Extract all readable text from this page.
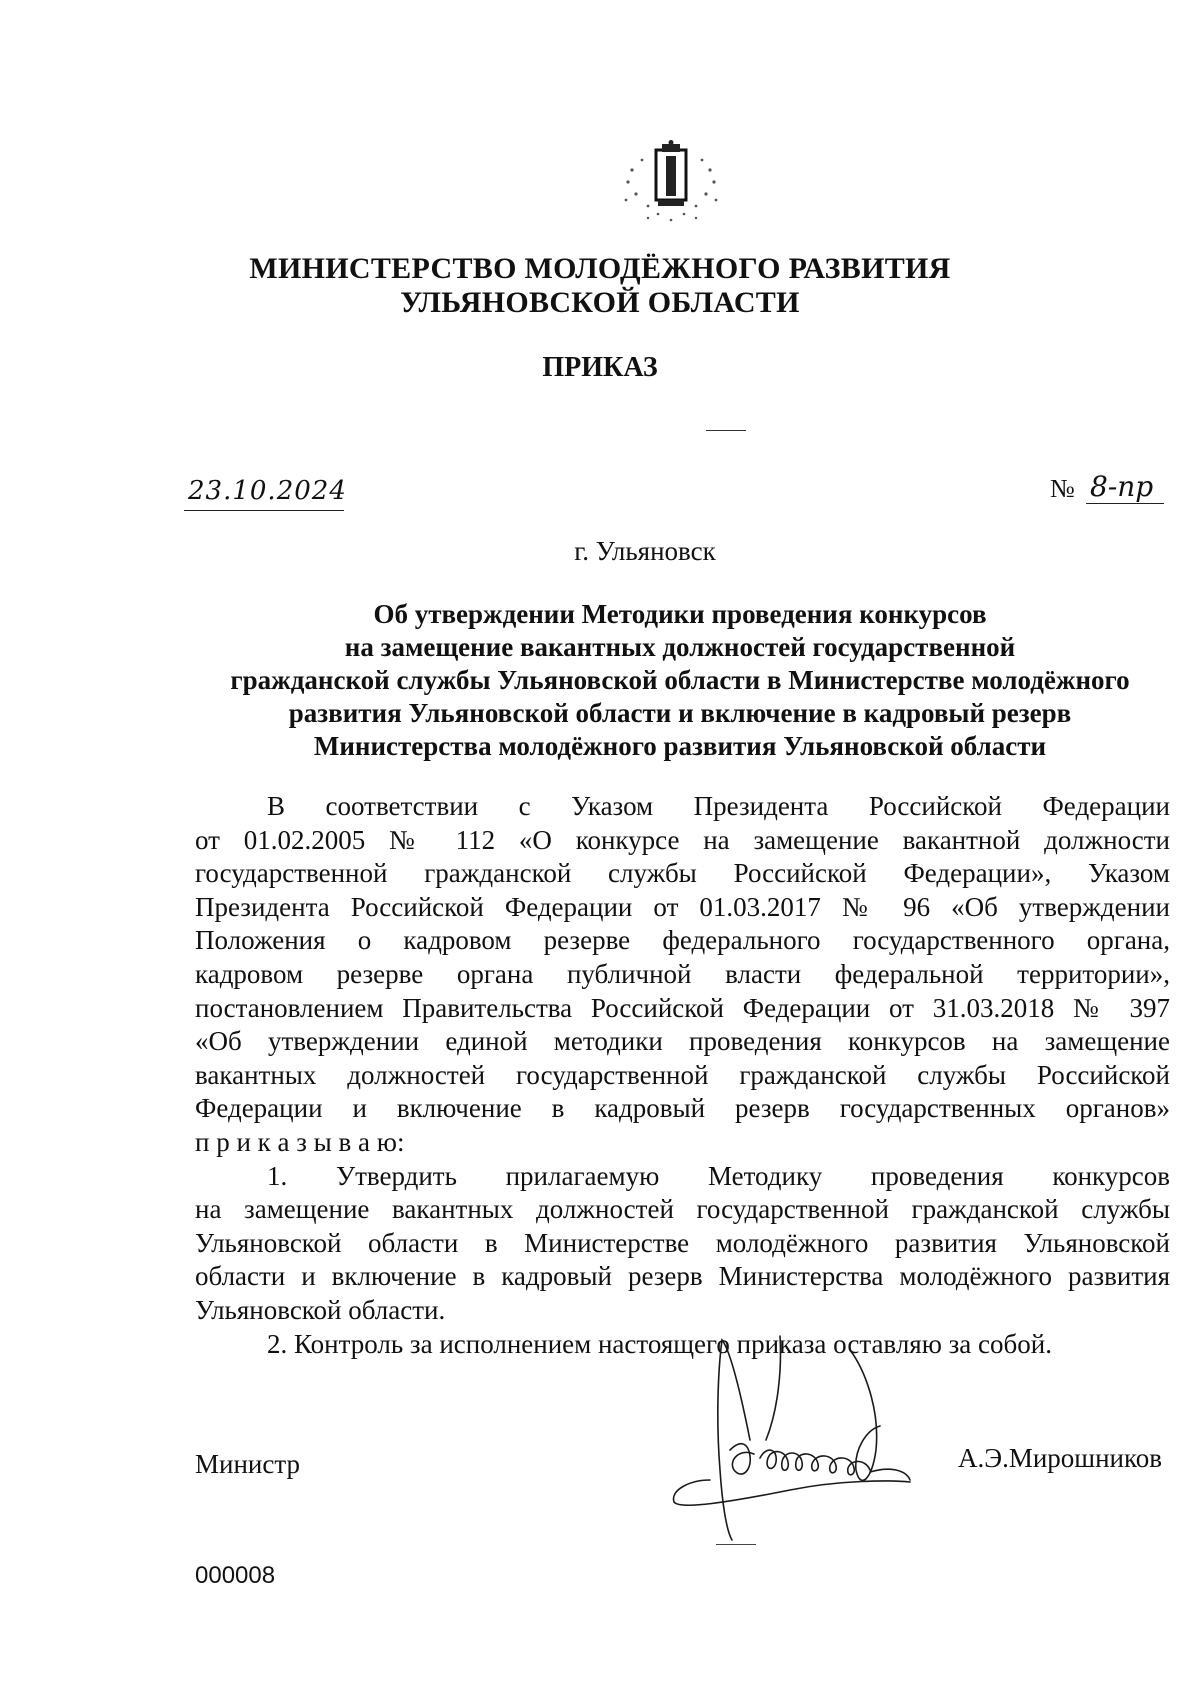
МИНИСТЕРСТВО МОЛОДЁЖНОГО РАЗВИТИЯ
УЛЬЯНОВСКОЙ ОБЛАСТИ
ПРИКАЗ
23.10.2024	№ 8-пр
г. Ульяновск
Об утверждении Методики проведения конкурсов
на замещение вакантных должностей государственной
гражданской службы Ульяновской области в Министерстве молодёжного
развития Ульяновской области и включение в кадровый резерв
Министерства молодёжного развития Ульяновской области
В соответствии с Указом Президента Российской Федерации
от 01.02.2005 № 112 «О конкурсе на замещение вакантной должности
государственной гражданской службы Российской Федерации», Указом
Президента Российской Федерации от 01.03.2017 № 96 «Об утверждении
Положения о кадровом резерве федерального государственного органа,
кадровом резерве органа публичной власти федеральной территории»,
постановлением Правительства Российской Федерации от 31.03.2018 № 397
«Об утверждении единой методики проведения конкурсов на замещение
вакантных должностей государственной гражданской службы Российской
Федерации и включение в кадровый резерв государственных органов»
п р и к а з ы в а ю:
1. Утвердить прилагаемую Методику проведения конкурсов
на замещение вакантных должностей государственной гражданской службы
Ульяновской области в Министерстве молодёжного развития Ульяновской
области и включение в кадровый резерв Министерства молодёжного развития
Ульяновской области.
2. Контроль за исполнением настоящего приказа оставляю за собой.
Министр	А.Э.Мирошников
000008
